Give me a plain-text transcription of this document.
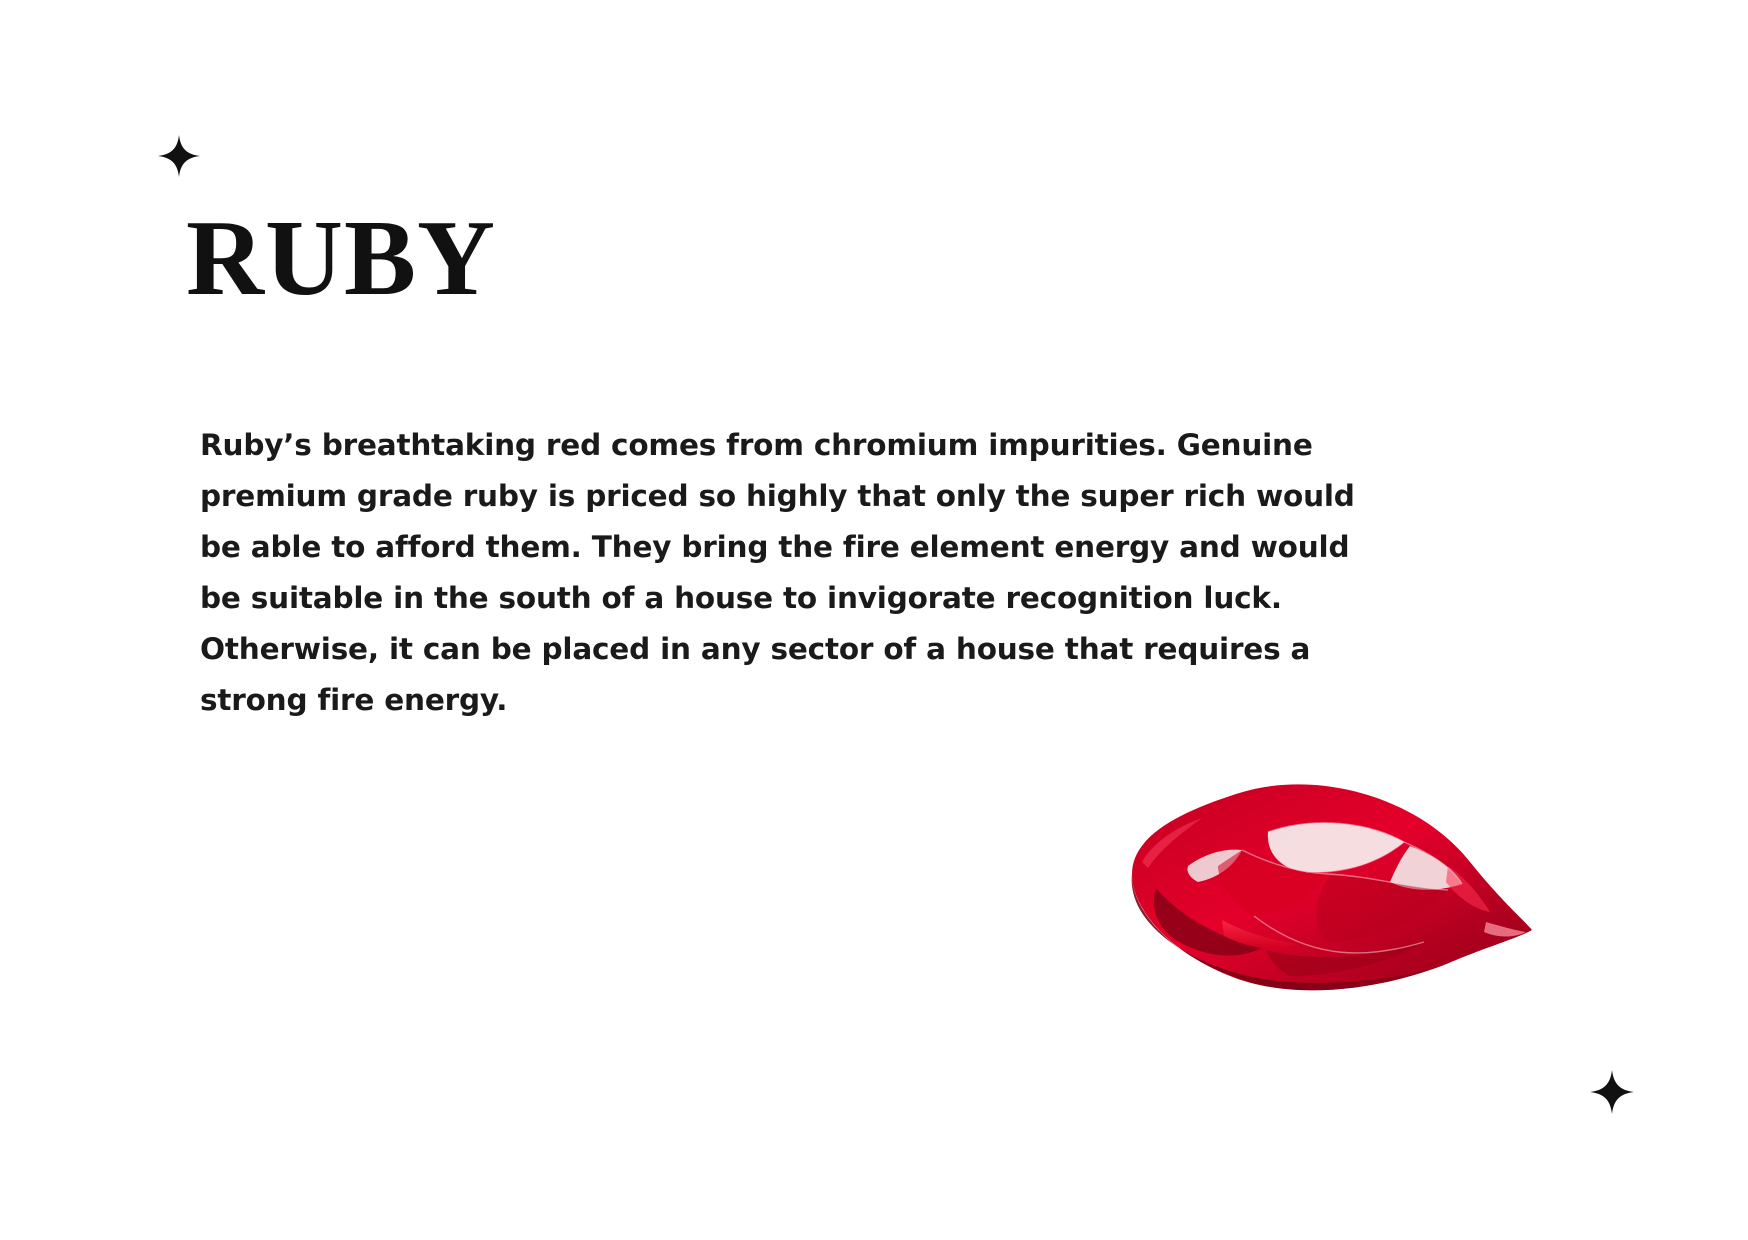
RUBY

Ruby’s breathtaking red comes from chromium impurities. Genuine premium grade ruby is priced so highly that only the super rich would be able to afford them. They bring the fire element energy and would be suitable in the south of a house to invigorate recognition luck. Otherwise, it can be placed in any sector of a house that requires a strong fire energy.
